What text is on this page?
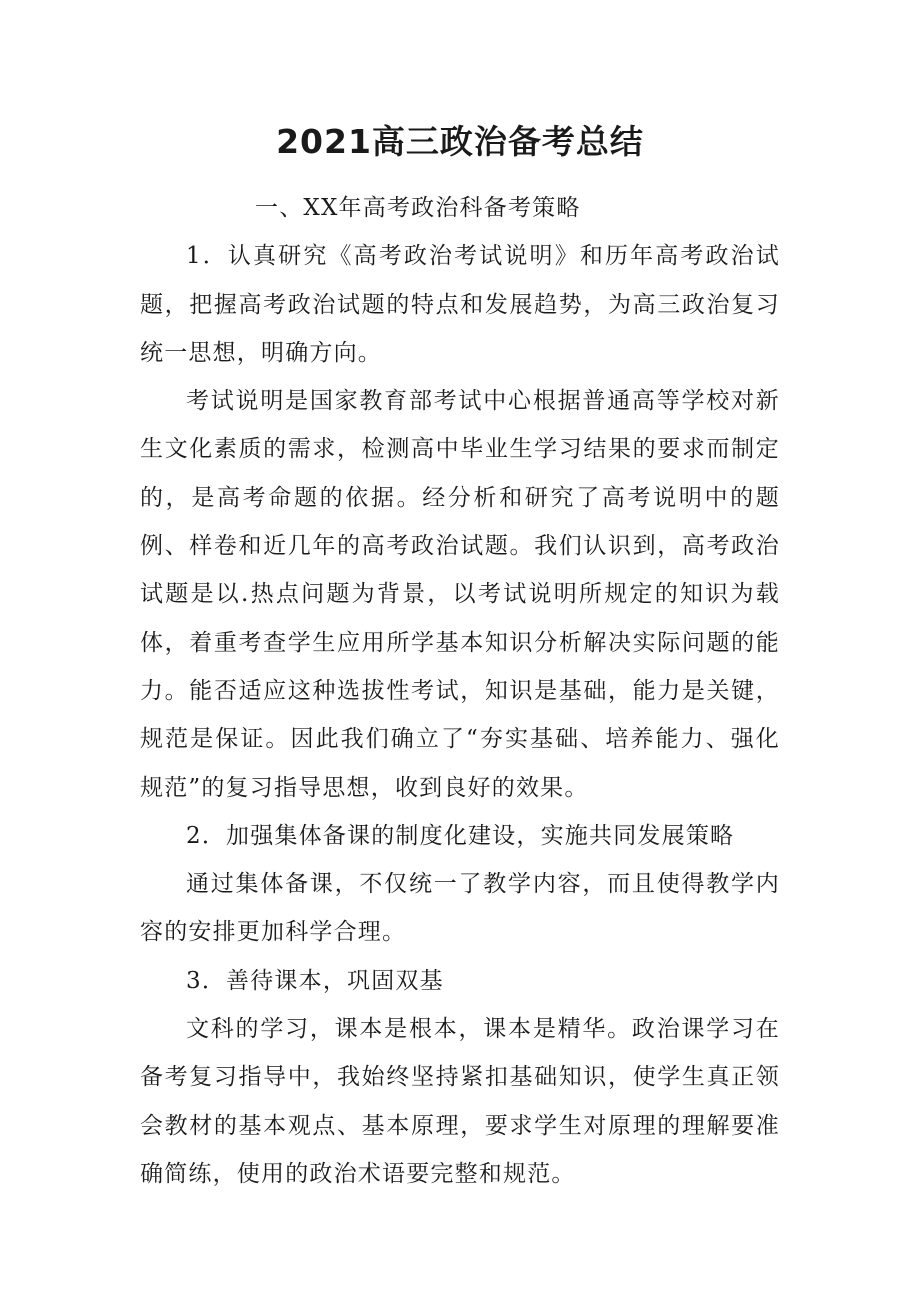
2021高三政治备考总结

一、XX年高考政治科备考策略

1．认真研究《高考政治考试说明》和历年高考政治试题，把握高考政治试题的特点和发展趋势，为高三政治复习统一思想，明确方向。

考试说明是国家教育部考试中心根据普通高等学校对新生文化素质的需求，检测高中毕业生学习结果的要求而制定的，是高考命题的依据。经分析和研究了高考说明中的题例、样卷和近几年的高考政治试题。我们认识到，高考政治试题是以.热点问题为背景，以考试说明所规定的知识为载体，着重考查学生应用所学基本知识分析解决实际问题的能力。能否适应这种选拔性考试，知识是基础，能力是关键，规范是保证。因此我们确立了“夯实基础、培养能力、强化规范”的复习指导思想，收到良好的效果。

2．加强集体备课的制度化建设，实施共同发展策略

通过集体备课，不仅统一了教学内容，而且使得教学内容的安排更加科学合理。

3．善待课本，巩固双基

文科的学习，课本是根本，课本是精华。政治课学习在备考复习指导中，我始终坚持紧扣基础知识，使学生真正领会教材的基本观点、基本原理，要求学生对原理的理解要准确简练，使用的政治术语要完整和规范。
